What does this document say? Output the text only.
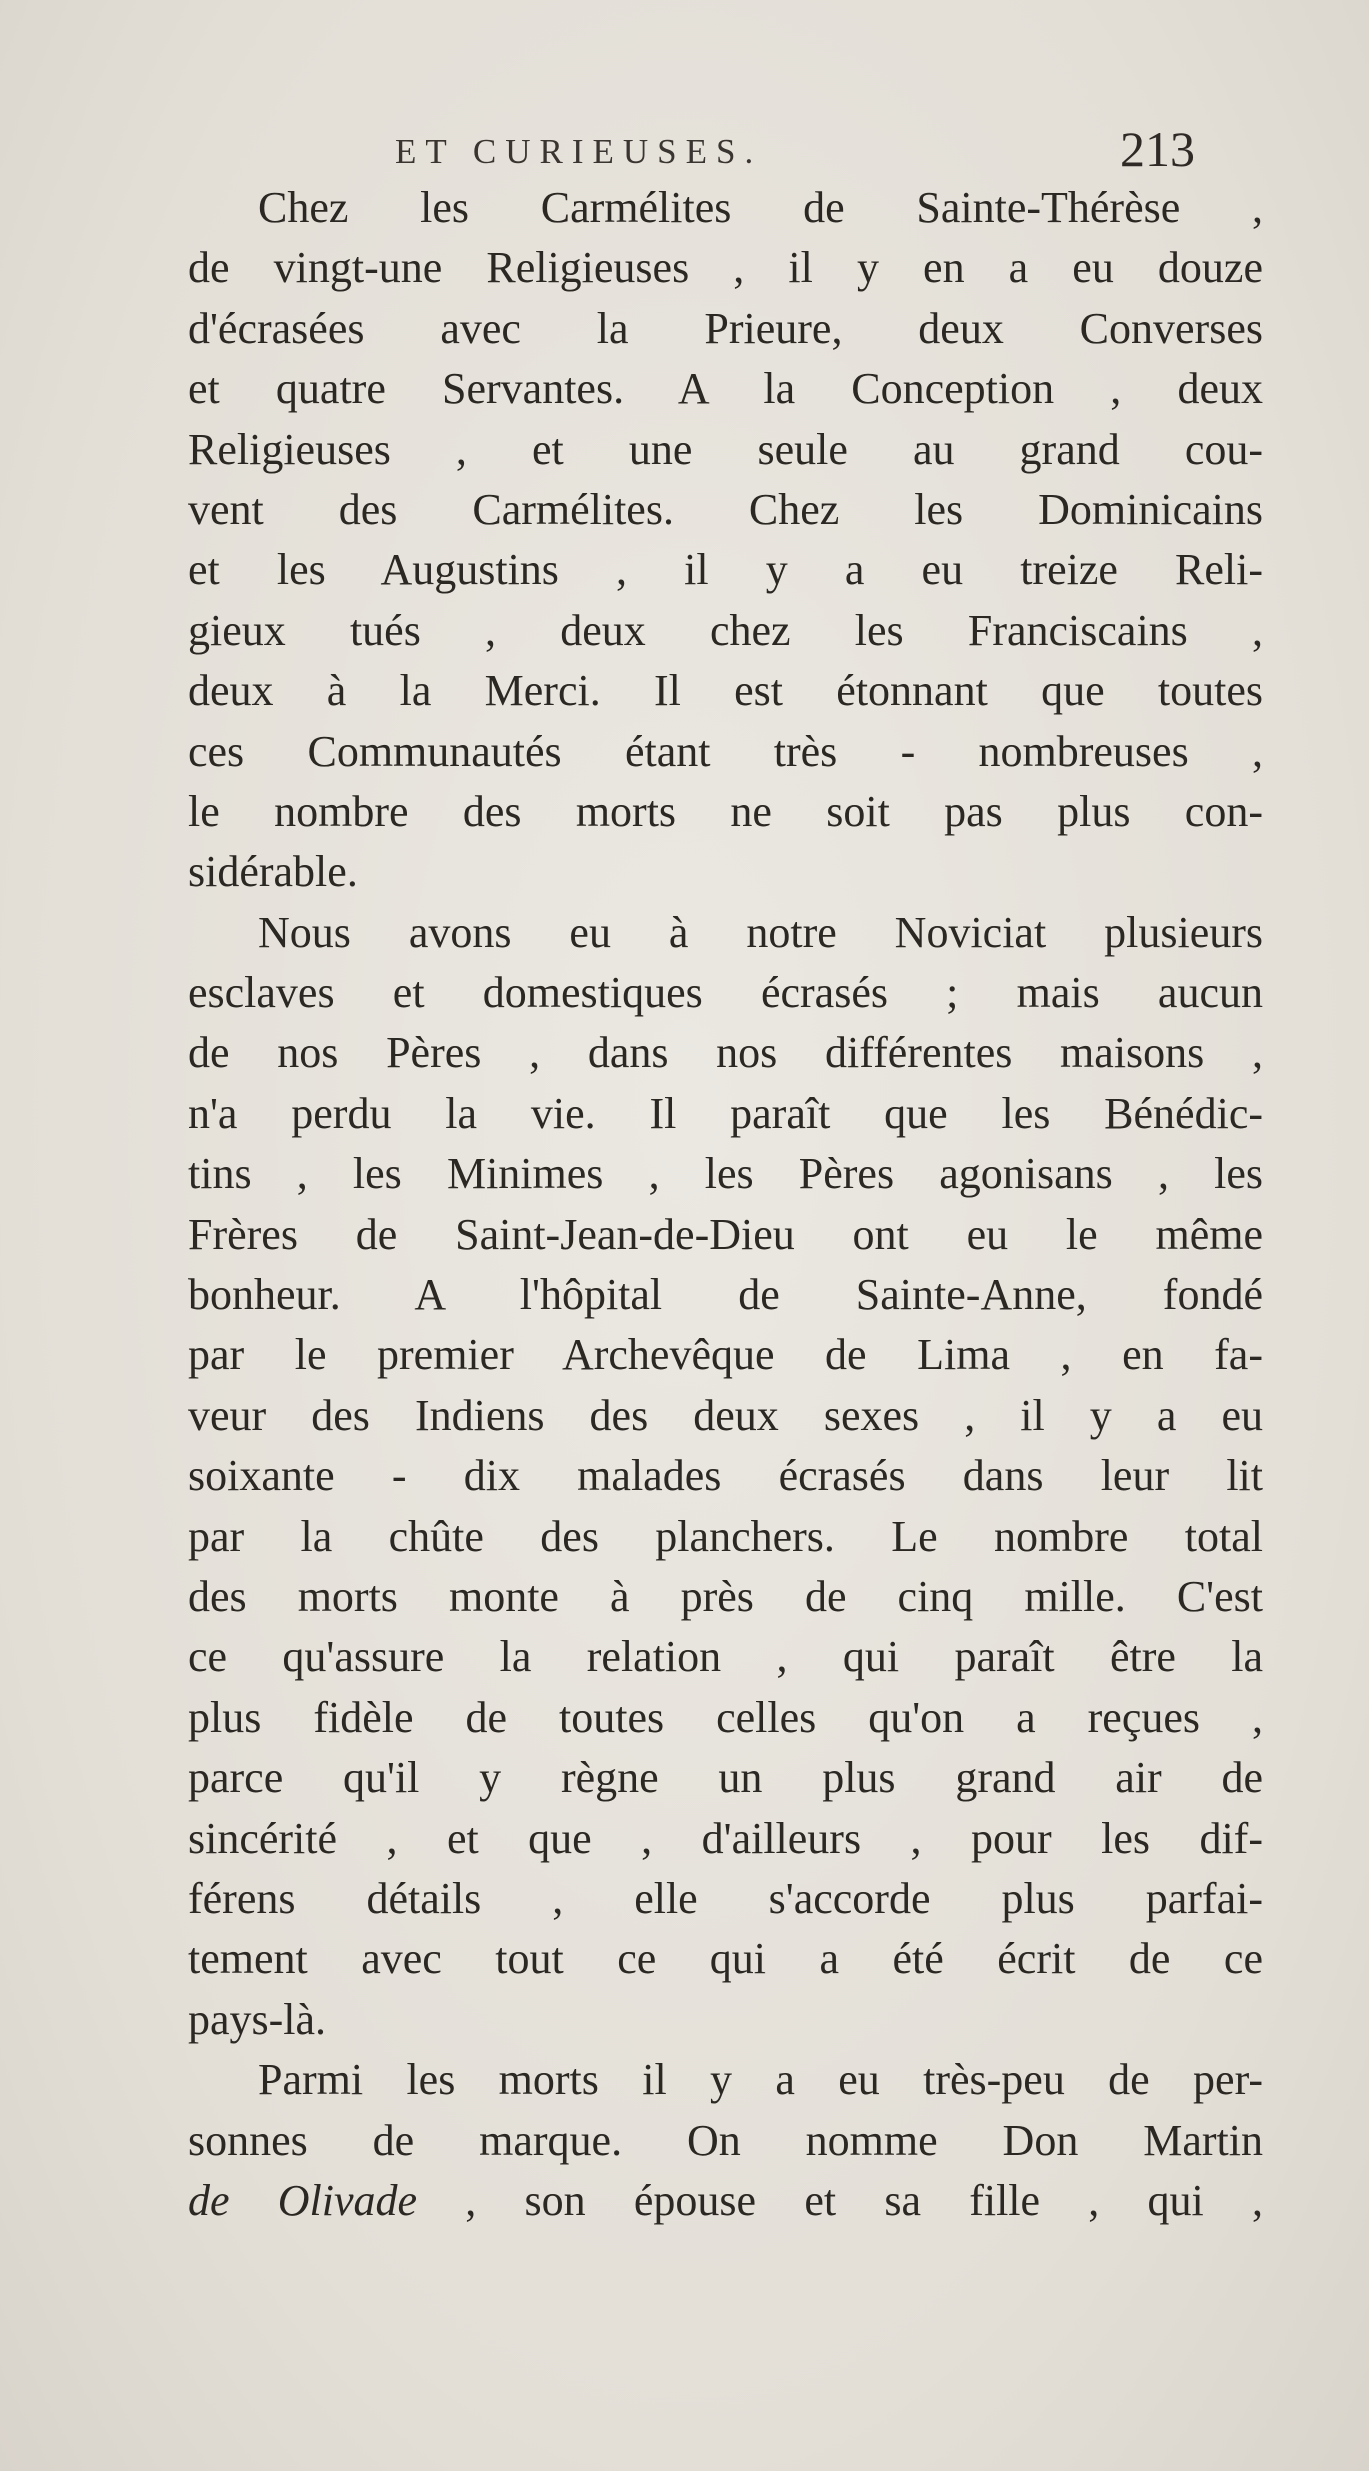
ET CURIEUSES.	213
Chez les Carmélites de Sainte-Thérèse ,
de vingt-une Religieuses , il y en a eu douze
d'écrasées avec la Prieure, deux Converses
et quatre Servantes. A la Conception , deux
Religieuses , et une seule au grand cou-
vent des Carmélites. Chez les Dominicains
et les Augustins , il y a eu treize Reli-
gieux tués , deux chez les Franciscains ,
deux à la Merci. Il est étonnant que toutes
ces Communautés étant très - nombreuses ,
le nombre des morts ne soit pas plus con-
sidérable.
Nous avons eu à notre Noviciat plusieurs
esclaves et domestiques écrasés ; mais aucun
de nos Pères , dans nos différentes maisons ,
n'a perdu la vie. Il paraît que les Bénédic-
tins , les Minimes , les Pères agonisans , les
Frères de Saint-Jean-de-Dieu ont eu le même
bonheur. A l'hôpital de Sainte-Anne, fondé
par le premier Archevêque de Lima , en fa-
veur des Indiens des deux sexes , il y a eu
soixante - dix malades écrasés dans leur lit
par la chûte des planchers. Le nombre total
des morts monte à près de cinq mille. C'est
ce qu'assure la relation , qui paraît être la
plus fidèle de toutes celles qu'on a reçues ,
parce qu'il y règne un plus grand air de
sincérité , et que , d'ailleurs , pour les dif-
férens détails , elle s'accorde plus parfai-
tement avec tout ce qui a été écrit de ce
pays-là.
Parmi les morts il y a eu très-peu de per-
sonnes de marque. On nomme Don Martin
de Olivade , son épouse et sa fille , qui ,
